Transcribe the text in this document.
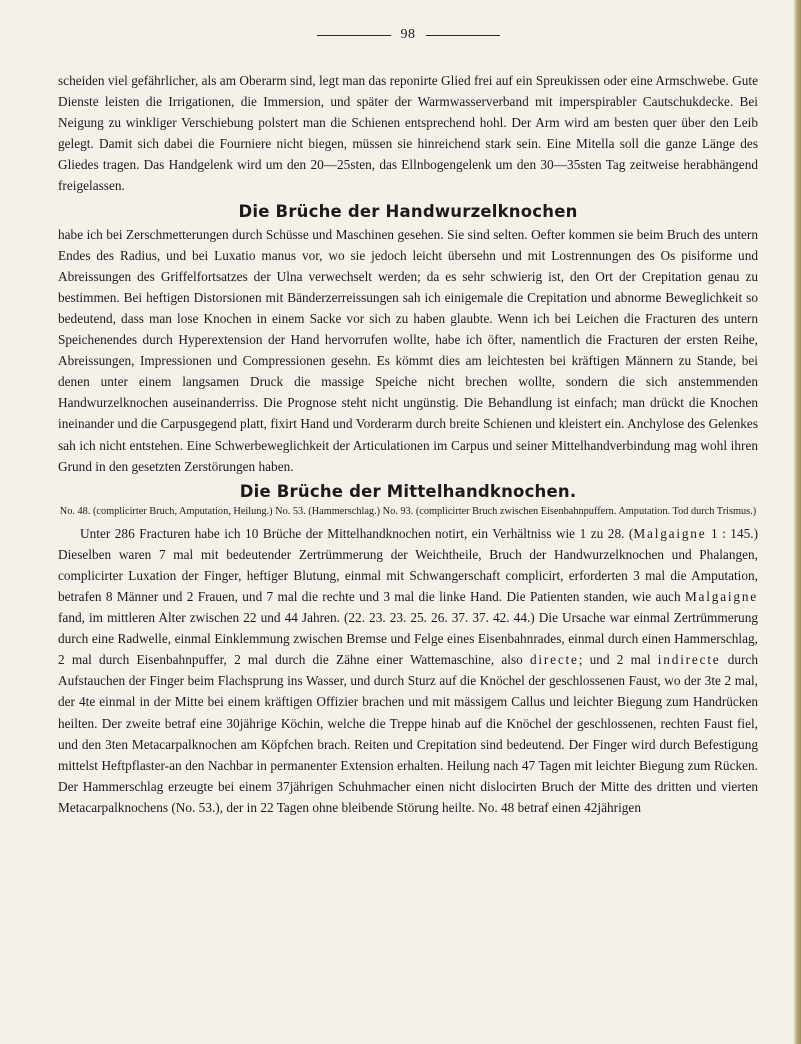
98

scheiden viel gefährlicher, als am Oberarm sind, legt man das reponirte Glied frei auf ein Spreukissen oder eine Armschwebe. Gute Dienste leisten die Irrigationen, die Immersion, und später der Warmwasserverband mit imperspirabler Cautschukdecke. Bei Neigung zu winkliger Verschiebung polstert man die Schienen entsprechend hohl. Der Arm wird am besten quer über den Leib gelegt. Damit sich dabei die Fourniere nicht biegen, müssen sie hinreichend stark sein. Eine Mitella soll die ganze Länge des Gliedes tragen. Das Handgelenk wird um den 20—25sten, das Ellnbogengelenk um den 30—35sten Tag zeitweise herabhängend freigelassen.

Die Brüche der Handwurzelknochen

habe ich bei Zerschmetterungen durch Schüsse und Maschinen gesehen. Sie sind selten. Oefter kommen sie beim Bruch des untern Endes des Radius, und bei Luxatio manus vor, wo sie jedoch leicht übersehn und mit Lostrennungen des Os pisiforme und Abreissungen des Griffelfortsatzes der Ulna verwechselt werden; da es sehr schwierig ist, den Ort der Crepitation genau zu bestimmen. Bei heftigen Distorsionen mit Bänderzerreissungen sah ich einigemale die Crepitation und abnorme Beweglichkeit so bedeutend, dass man lose Knochen in einem Sacke vor sich zu haben glaubte. Wenn ich bei Leichen die Fracturen des untern Speichenendes durch Hyperextension der Hand hervorrufen wollte, habe ich öfter, namentlich die Fracturen der ersten Reihe, Abreissungen, Impressionen und Compressionen gesehn. Es kömmt dies am leichtesten bei kräftigen Männern zu Stande, bei denen unter einem langsamen Druck die massige Speiche nicht brechen wollte, sondern die sich anstemmenden Handwurzelknochen auseinanderriss. Die Prognose steht nicht ungünstig. Die Behandlung ist einfach; man drückt die Knochen ineinander und die Carpusgegend platt, fixirt Hand und Vorderarm durch breite Schienen und kleistert ein. Anchylose des Gelenkes sah ich nicht entstehen. Eine Schwerbeweglichkeit der Articulationen im Carpus und seiner Mittelhandverbindung mag wohl ihren Grund in den gesetzten Zerstörungen haben.

Die Brüche der Mittelhandknochen.
No. 48. (complicirter Bruch, Amputation, Heilung.) No. 53. (Hammerschlag.) No. 93. (complicirter Bruch zwischen Eisenbahnpuffern. Amputation. Tod durch Trismus.)

Unter 286 Fracturen habe ich 10 Brüche der Mittelhandknochen notirt, ein Verhältniss wie 1 zu 28. (Malgaigne 1 : 145.) Dieselben waren 7 mal mit bedeutender Zertrümmerung der Weichtheile, Bruch der Handwurzelknochen und Phalangen, complicirter Luxation der Finger, heftiger Blutung, einmal mit Schwangerschaft complicirt, erforderten 3 mal die Amputation, betrafen 8 Männer und 2 Frauen, und 7 mal die rechte und 3 mal die linke Hand. Die Patienten standen, wie auch Malgaigne fand, im mittleren Alter zwischen 22 und 44 Jahren. (22. 23. 23. 25. 26. 37. 37. 42. 44.) Die Ursache war einmal Zertrümmerung durch eine Radwelle, einmal Einklemmung zwischen Bremse und Felge eines Eisenbahnrades, einmal durch einen Hammerschlag, 2 mal durch Eisenbahnpuffer, 2 mal durch die Zähne einer Wattemaschine, also directe; und 2 mal indirecte durch Aufstauchen der Finger beim Flachsprung ins Wasser, und durch Sturz auf die Knöchel der geschlossenen Faust, wo der 3te 2 mal, der 4te einmal in der Mitte bei einem kräftigen Offizier brachen und mit mässigem Callus und leichter Biegung zum Handrücken heilten. Der zweite betraf eine 30jährige Köchin, welche die Treppe hinab auf die Knöchel der geschlossenen, rechten Faust fiel, und den 3ten Metacarpalknochen am Köpfchen brach. Reiten und Crepitation sind bedeutend. Der Finger wird durch Befestigung mittelst Heftpflaster-an den Nachbar in permanenter Extension erhalten. Heilung nach 47 Tagen mit leichter Biegung zum Rücken. Der Hammerschlag erzeugte bei einem 37jährigen Schuhmacher einen nicht dislocirten Bruch der Mitte des dritten und vierten Metacarpalknochens (No. 53.), der in 22 Tagen ohne bleibende Störung heilte. No. 48 betraf einen 42jährigen
